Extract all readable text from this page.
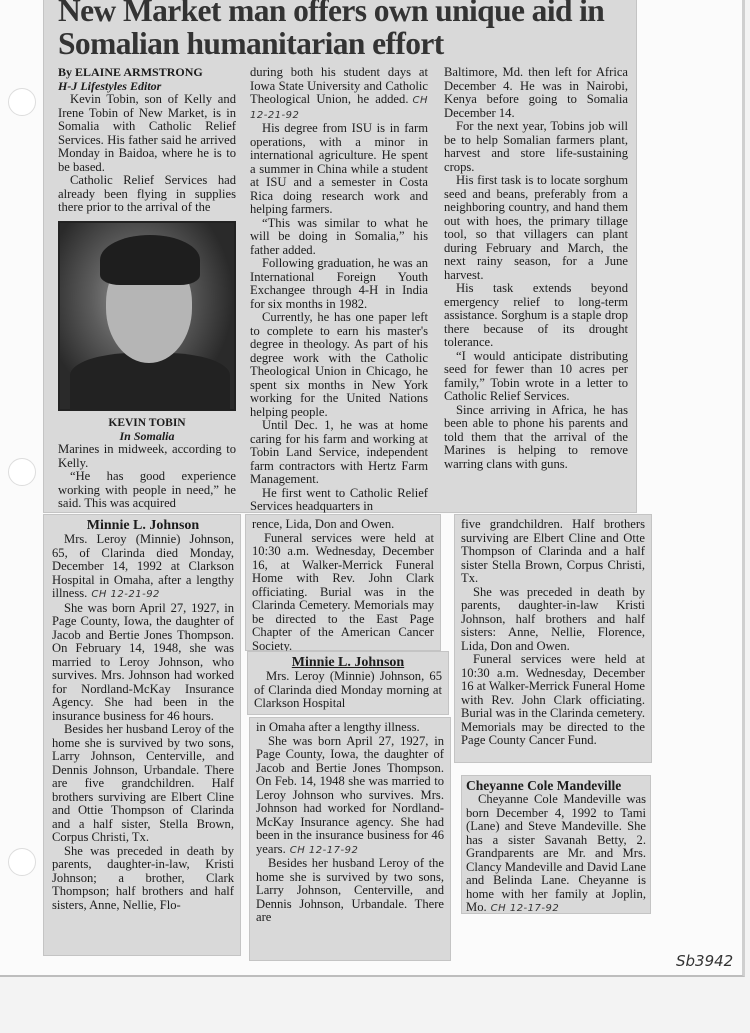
New Market man offers own unique aid in Somalian humanitarian effort
By ELAINE ARMSTRONG
H-J Lifestyles Editor

Kevin Tobin, son of Kelly and Irene Tobin of New Market, is in Somalia with Catholic Relief Services. His father said he arrived Monday in Baidoa, where he is to be based.

Catholic Relief Services had already been flying in supplies there prior to the arrival of the

KEVIN TOBIN
In Somalia

Marines in midweek, according to Kelly.

“He has good experience working with people in need,” he said. This was acquired

during both his student days at Iowa State University and Catholic Theological Union, he added. CH 12-21-92

His degree from ISU is in farm operations, with a minor in international agriculture. He spent a summer in China while a student at ISU and a semester in Costa Rica doing research work and helping farmers.

“This was similar to what he will be doing in Somalia,” his father added.

Following graduation, he was an International Foreign Youth Exchangee through 4-H in India for six months in 1982.

Currently, he has one paper left to complete to earn his master's degree in theology. As part of his degree work with the Catholic Theological Union in Chicago, he spent six months in New York working for the United Nations helping people.

Until Dec. 1, he was at home caring for his farm and working at Tobin Land Service, independent farm contractors with Hertz Farm Management.

He first went to Catholic Relief Services headquarters in

Baltimore, Md. then left for Africa December 4. He was in Nairobi, Kenya before going to Somalia December 14.

For the next year, Tobins job will be to help Somalian farmers plant, harvest and store life-sustaining crops.

His first task is to locate sorghum seed and beans, preferably from a neighboring country, and hand them out with hoes, the primary tillage tool, so that villagers can plant during February and March, the next rainy season, for a June harvest.

His task extends beyond emergency relief to long-term assistance. Sorghum is a staple drop there because of its drought tolerance.

“I would anticipate distributing seed for fewer than 10 acres per family,” Tobin wrote in a letter to Catholic Relief Services.

Since arriving in Africa, he has been able to phone his parents and told them that the arrival of the Marines is helping to remove warring clans with guns.

Minnie L. Johnson

Mrs. Leroy (Minnie) Johnson, 65, of Clarinda died Monday, December 14, 1992 at Clarkson Hospital in Omaha, after a lengthy illness. CH 12-21-92

She was born April 27, 1927, in Page County, Iowa, the daughter of Jacob and Bertie Jones Thompson. On February 14, 1948, she was married to Leroy Johnson, who survives. Mrs. Johnson had worked for Nordland-McKay Insurance Agency. She had been in the insurance business for 46 hours.

Besides her husband Leroy of the home she is survived by two sons, Larry Johnson, Centerville, and Dennis Johnson, Urbandale. There are five grandchildren. Half brothers surviving are Elbert Cline and Ottie Thompson of Clarinda and a half sister, Stella Brown, Corpus Christi, Tx.

She was preceded in death by parents, daughter-in-law, Kristi Johnson; a brother, Clark Thompson; half brothers and half sisters, Anne, Nellie, Flo-

rence, Lida, Don and Owen.

Funeral services were held at 10:30 a.m. Wednesday, December 16, at Walker-Merrick Funeral Home with Rev. John Clark officiating. Burial was in the Clarinda Cemetery. Memorials may be directed to the East Page Chapter of the American Cancer Society.

Minnie L. Johnson

Mrs. Leroy (Minnie) Johnson, 65 of Clarinda died Monday morning at Clarkson Hospital

in Omaha after a lengthy illness.

She was born April 27, 1927, in Page County, Iowa, the daughter of Jacob and Bertie Jones Thompson. On Feb. 14, 1948 she was married to Leroy Johnson who survives. Mrs. Johnson had worked for Nordland-McKay Insurance agency. She had been in the insurance business for 46 years. CH 12-17-92

Besides her husband Leroy of the home she is survived by two sons, Larry Johnson, Centerville, and Dennis Johnson, Urbandale. There are

five grandchildren. Half brothers surviving are Elbert Cline and Otte Thompson of Clarinda and a half sister Stella Brown, Corpus Christi, Tx.

She was preceded in death by parents, daughter-in-law Kristi Johnson, half brothers and half sisters: Anne, Nellie, Florence, Lida, Don and Owen.

Funeral services were held at 10:30 a.m. Wednesday, December 16 at Walker-Merrick Funeral Home with Rev. John Clark officiating. Burial was in the Clarinda cemetery. Memorials may be directed to the Page County Cancer Fund.

Cheyanne Cole Mandeville

Cheyanne Cole Mandeville was born December 4, 1992 to Tami (Lane) and Steve Mandeville. She has a sister Savanah Betty, 2. Grandparents are Mr. and Mrs. Clancy Mandeville and David Lane and Belinda Lane. Cheyanne is home with her family at Joplin, Mo. CH 12-17-92

Sb3942
